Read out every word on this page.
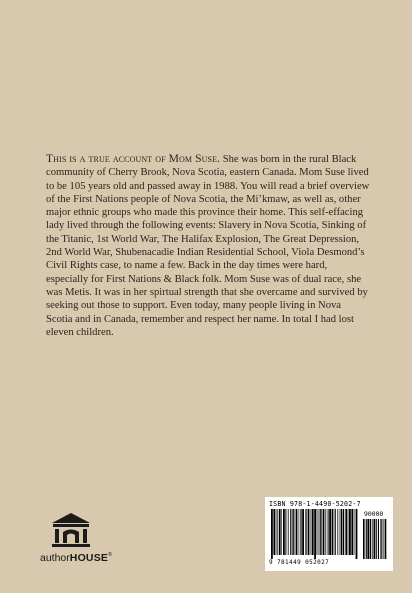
This is a true account of Mom Suse. She was born in the rural Black community of Cherry Brook, Nova Scotia, eastern Canada. Mom Suse lived to be 105 years old and passed away in 1988. You will read a brief overview of the First Nations people of Nova Scotia, the Mi’kmaw, as well as, other major ethnic groups who made this province their home. This self-effacing lady lived through the following events: Slavery in Nova Scotia, Sinking of the Titanic, 1st World War, The Halifax Explosion, The Great Depression, 2nd World War, Shubenacadie Indian Residential School, Viola Desmond’s Civil Rights case, to name a few. Back in the day times were hard, especially for First Nations & Black folk. Mom Suse was of dual race, she was Metis. It was in her spirtual strength that she overcame and survived by seeking out those to support. Even today, many people living in Nova Scotia and in Canada, remember and respect her name. In total I had lost eleven children.

authorHOUSE®
ISBN 978-1-4490-5202-7
90000
9 781449 052027
